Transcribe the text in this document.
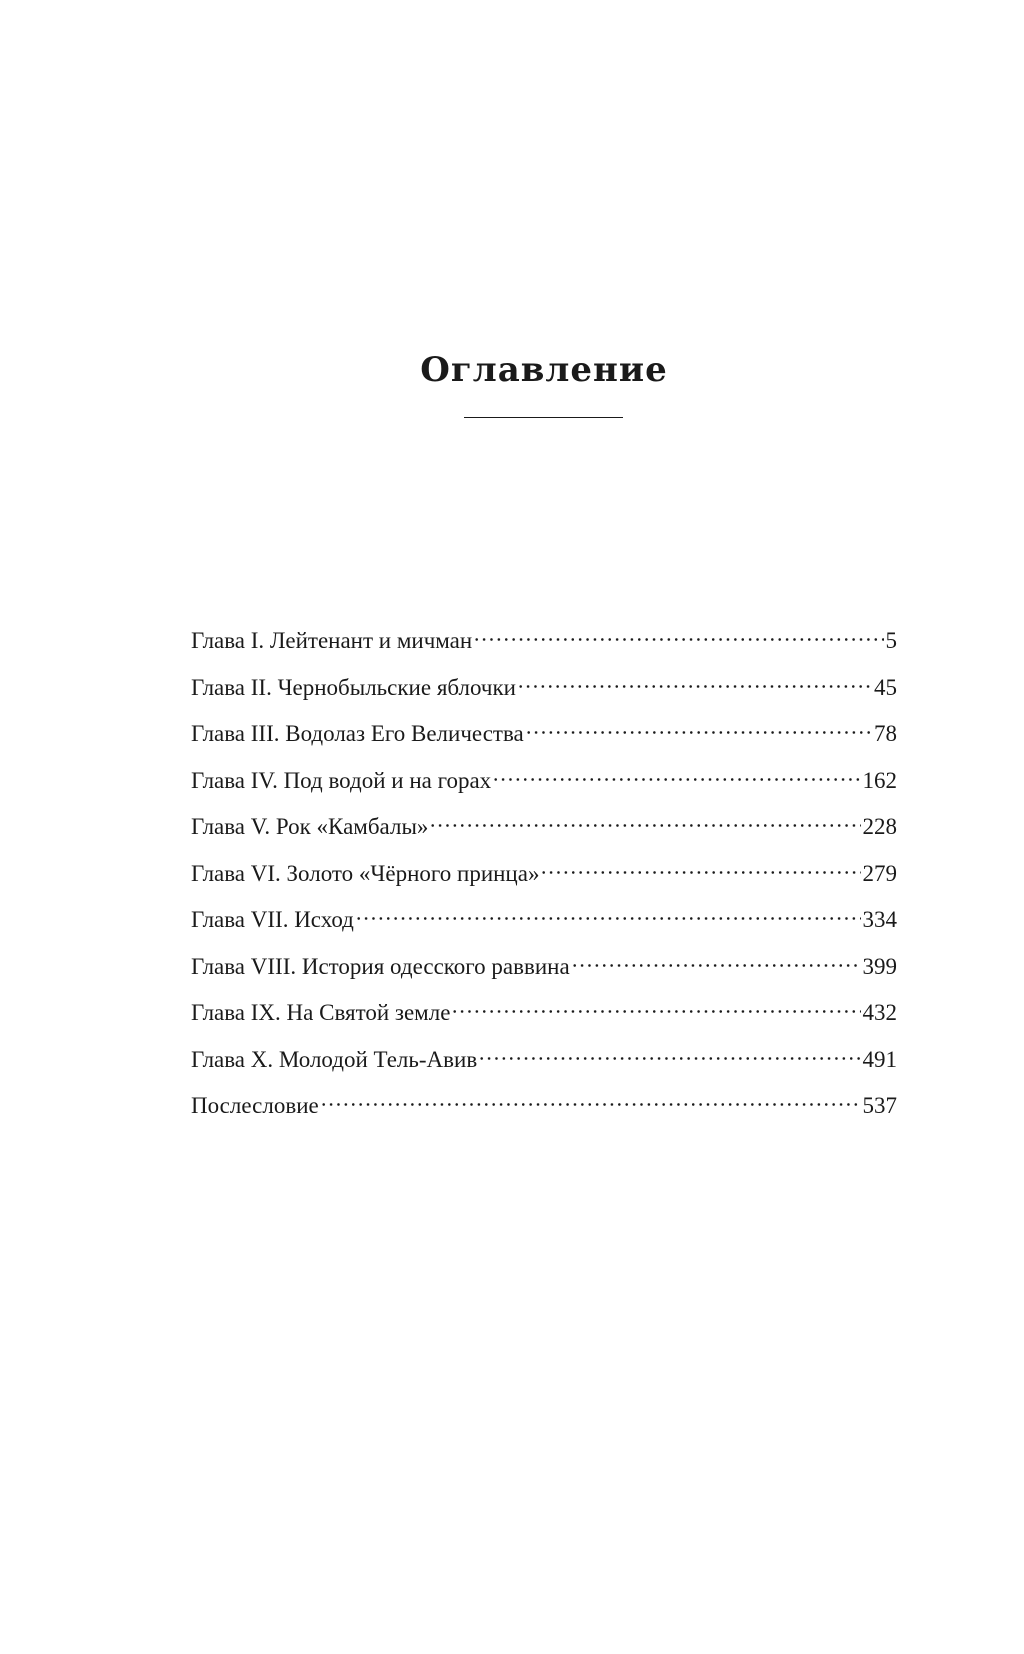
Оглавление
Глава I. Лейтенант и мичман	5
Глава II. Чернобыльские яблочки	45
Глава III. Водолаз Его Величества	78
Глава IV. Под водой и на горах	162
Глава V. Рок «Камбалы»	228
Глава VI. Золото «Чёрного принца»	279
Глава VII. Исход	334
Глава VIII. История одесского раввина	399
Глава IX. На Святой земле	432
Глава X. Молодой Тель-Авив	491
Послесловие	537
